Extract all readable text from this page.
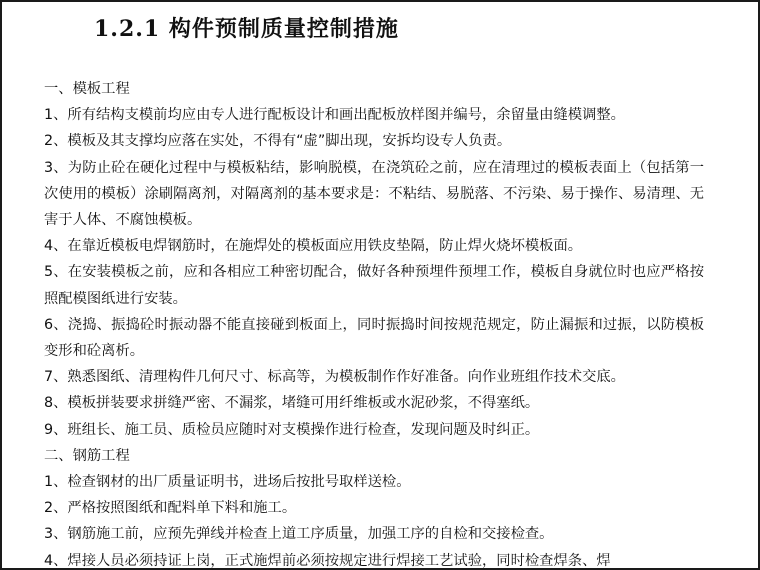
1.2.1 构件预制质量控制措施
一、模板工程
1、所有结构支模前均应由专人进行配板设计和画出配板放样图并编号，余留量由缝模调整。
2、模板及其支撑均应落在实处，不得有“虚”脚出现，安拆均设专人负责。
3、为防止砼在硬化过程中与模板粘结，影响脱模，在浇筑砼之前，应在清理过的模板表面上（包括第一次使用的模板）涂刷隔离剂，对隔离剂的基本要求是：不粘结、易脱落、不污染、易于操作、易清理、无害于人体、不腐蚀模板。
4、在靠近模板电焊钢筋时，在施焊处的模板面应用铁皮垫隔，防止焊火烧坏模板面。
5、在安装模板之前，应和各相应工种密切配合，做好各种预埋件预埋工作，模板自身就位时也应严格按照配模图纸进行安装。
6、浇捣、振捣砼时振动器不能直接碰到板面上，同时振捣时间按规范规定，防止漏振和过振，以防模板变形和砼离析。
7、熟悉图纸、清理构件几何尺寸、标高等，为模板制作作好准备。向作业班组作技术交底。
8、模板拼装要求拼缝严密、不漏浆，堵缝可用纤维板或水泥砂浆，不得塞纸。
9、班组长、施工员、质检员应随时对支模操作进行检查，发现问题及时纠正。
二、钢筋工程
1、检查钢材的出厂质量证明书，进场后按批号取样送检。
2、严格按照图纸和配料单下料和施工。
3、钢筋施工前，应预先弹线并检查上道工序质量，加强工序的自检和交接检查。
4、焊接人员必须持证上岗，正式施焊前必须按规定进行焊接工艺试验，同时检查焊条、焊
